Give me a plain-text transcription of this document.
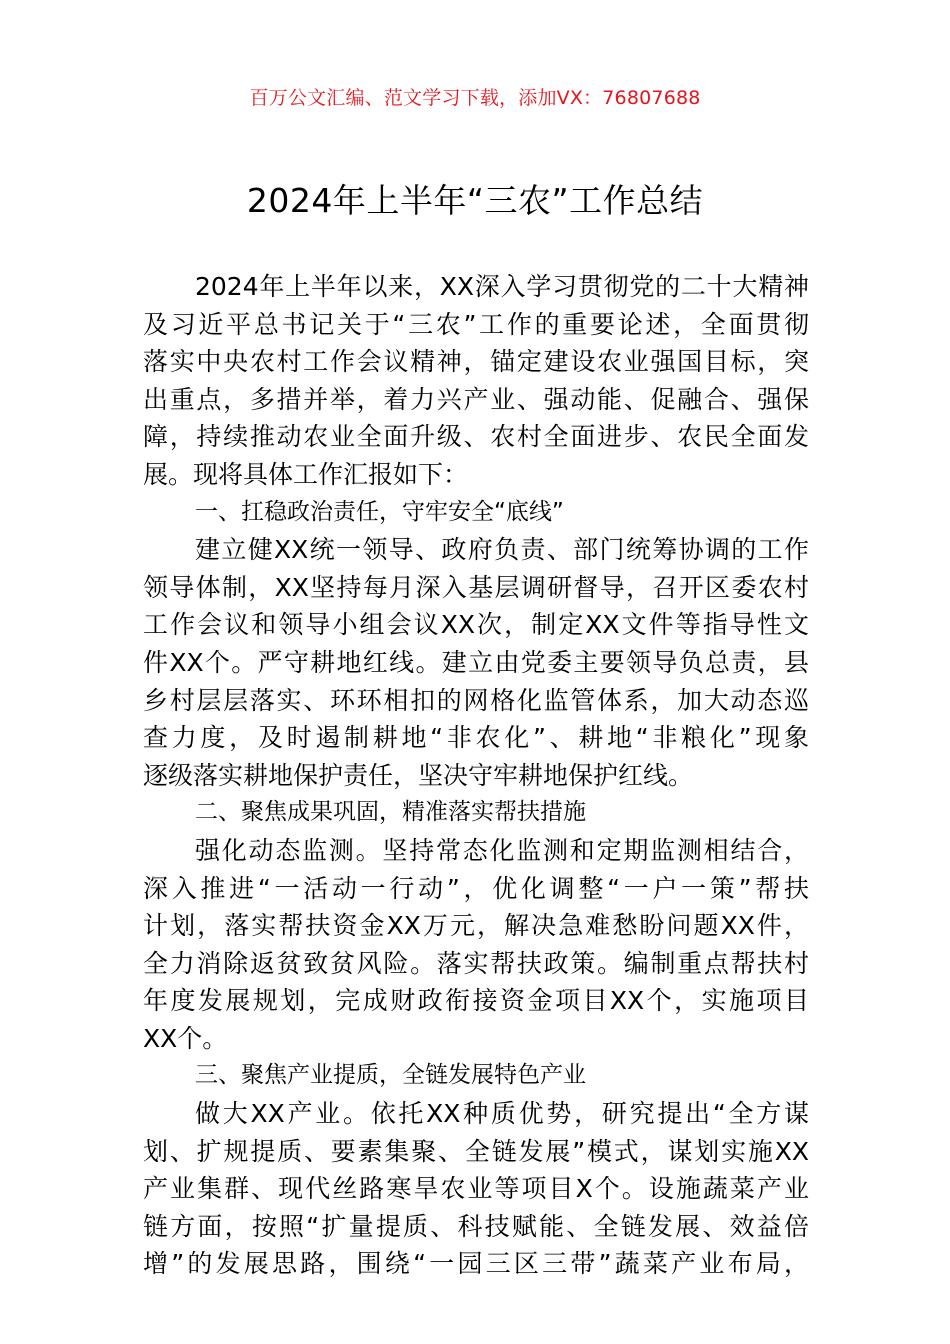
百万公文汇编、范文学习下载，添加VX：76807688
2024年上半年“三农”工作总结
2024年上半年以来，XX深入学习贯彻党的二十大精神
及习近平总书记关于“三农”工作的重要论述，全面贯彻
落实中央农村工作会议精神，锚定建设农业强国目标，突
出重点，多措并举，着力兴产业、强动能、促融合、强保
障，持续推动农业全面升级、农村全面进步、农民全面发
展。现将具体工作汇报如下：
一、扛稳政治责任，守牢安全“底线”
建立健XX统一领导、政府负责、部门统筹协调的工作
领导体制，XX坚持每月深入基层调研督导，召开区委农村
工作会议和领导小组会议XX次，制定XX文件等指导性文
件XX个。严守耕地红线。建立由党委主要领导负总责，县
乡村层层落实、环环相扣的网格化监管体系，加大动态巡
查力度，及时遏制耕地“非农化”、耕地“非粮化”现象
逐级落实耕地保护责任，坚决守牢耕地保护红线。
二、聚焦成果巩固，精准落实帮扶措施
强化动态监测。坚持常态化监测和定期监测相结合，
深入推进“一活动一行动”，优化调整“一户一策”帮扶
计划，落实帮扶资金XX万元，解决急难愁盼问题XX件，
全力消除返贫致贫风险。落实帮扶政策。编制重点帮扶村
年度发展规划，完成财政衔接资金项目XX个，实施项目
XX个。
三、聚焦产业提质，全链发展特色产业
做大XX产业。依托XX种质优势，研究提出“全方谋
划、扩规提质、要素集聚、全链发展”模式，谋划实施XX
产业集群、现代丝路寒旱农业等项目X个。设施蔬菜产业
链方面，按照“扩量提质、科技赋能、全链发展、效益倍
增”的发展思路，围绕“一园三区三带”蔬菜产业布局，
